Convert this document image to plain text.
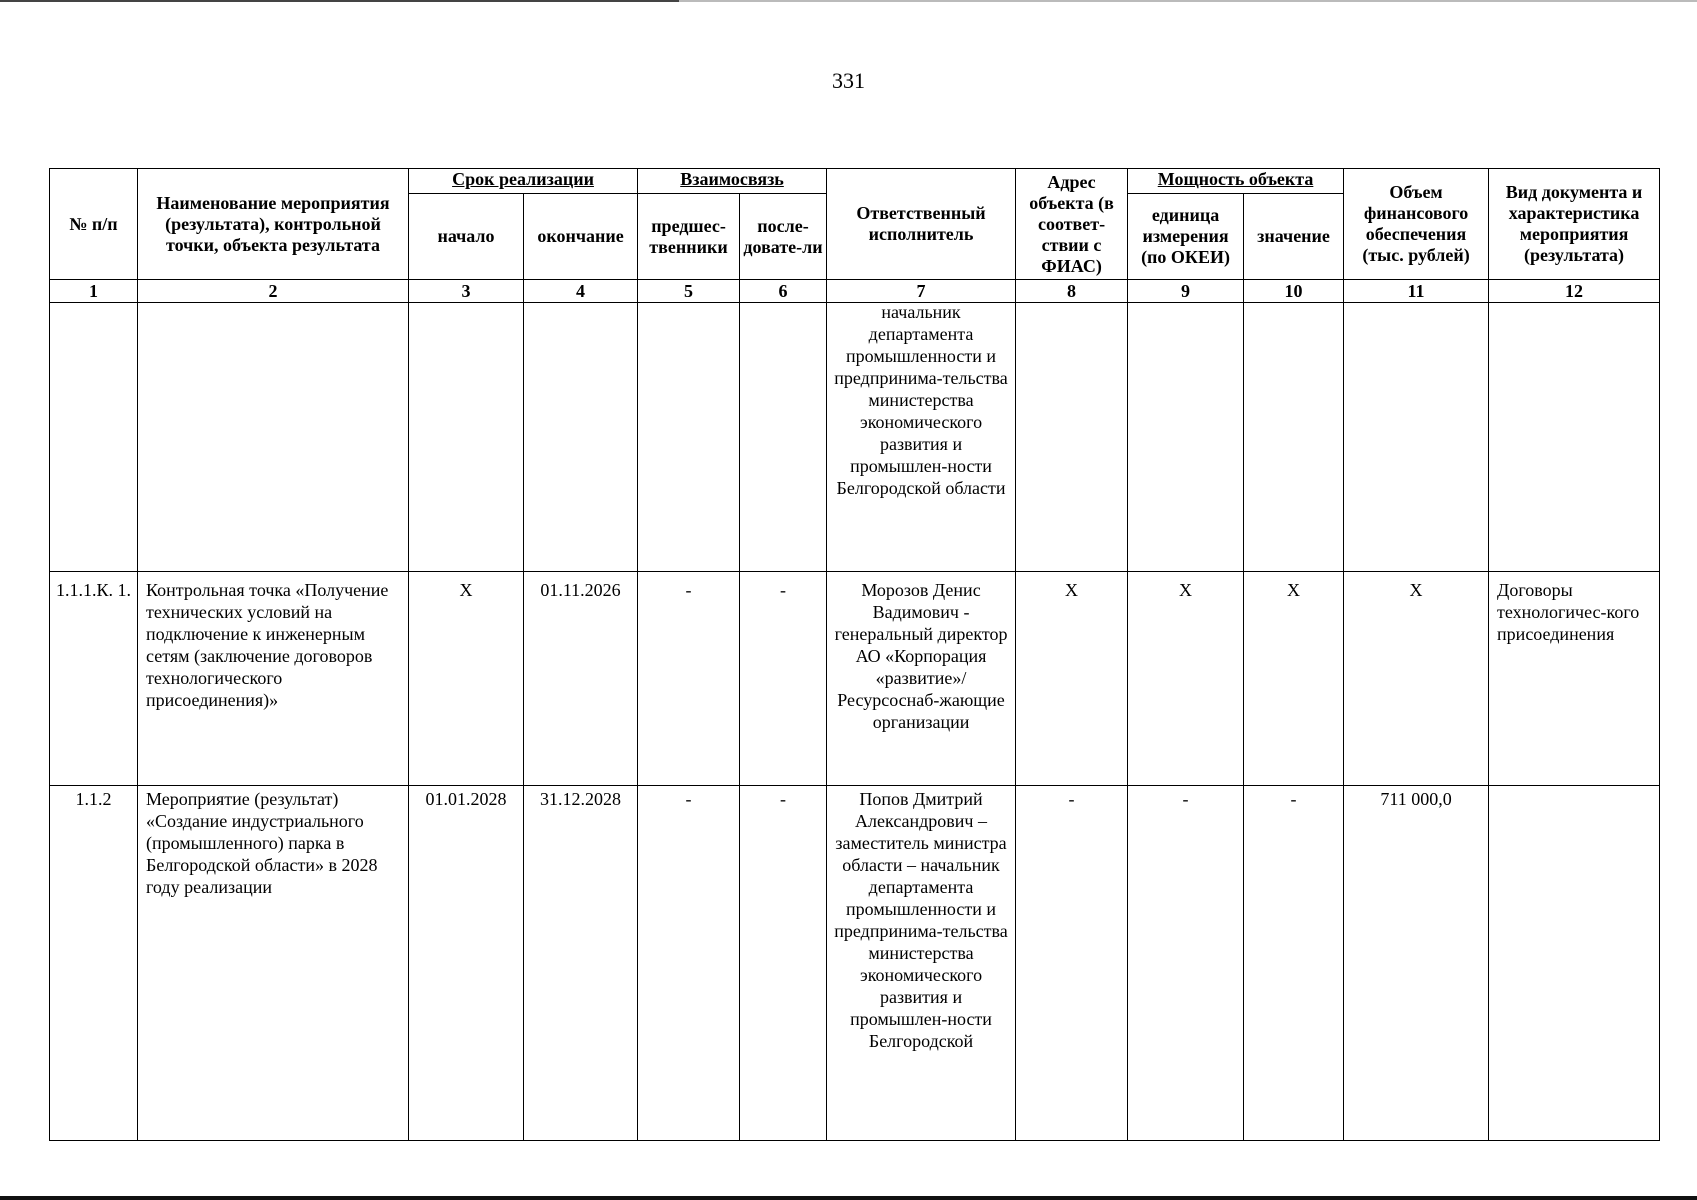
331
№ п/п	Наименование мероприятия (результата), контрольной точки, объекта результата	Срок реализации		Взаимосвязь		Ответственный исполнитель	Адрес объекта (в соответ-ствии с ФИАС)	Мощность объекта		Объем финансового обеспечения (тыс. рублей)	Вид документа и характеристика мероприятия (результата)
		начало	окончание	предшес-твенники	после-довате-ли			единица измерения (по ОКЕИ)	значение		
1	2	3	4	5	6	7	8	9	10	11	12

						начальник департамента промышленности и предпринима-тельства министерства экономического развития и промышлен-ности Белгородской области					

1.1.1.К. 1.	Контрольная точка «Получение технических условий на подключение к инженерным сетям (заключение договоров технологического присоединения)»	X	01.11.2026	-	-	Морозов Денис Вадимович - генеральный директор АО «Корпорация «развитие»/ Ресурсоснаб-жающие организации	X	X	X	X	Договоры технологичес-кого присоединения
1.1.2	Мероприятие (результат) «Создание индустриального (промышленного) парка в Белгородской области» в 2028 году реализации	01.01.2028	31.12.2028	-	-	Попов Дмитрий Александрович – заместитель министра области – начальник департамента промышленности и предпринима-тельства министерства экономического развития и промышлен-ности Белгородской	-	-	-	711 000,0	
